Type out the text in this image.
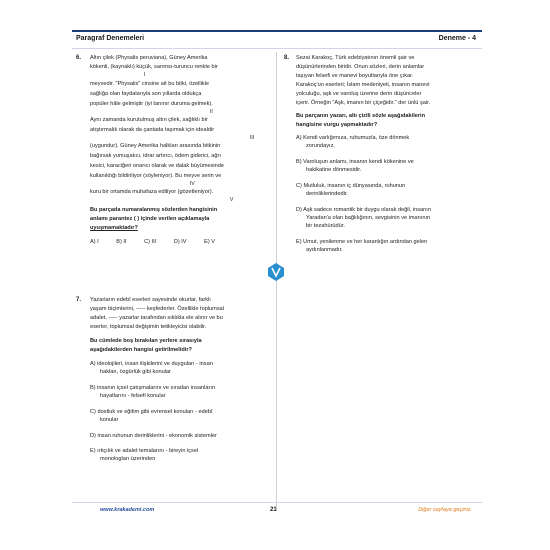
Paragraf Denemeleri	Deneme - 4
6. Altın çilek (Physalis peruviana), Güney Amerika
kökenli, (kaynaklı) küçük, sarımsı-turuncu renkte bir
meyvedir. "Physalis" cinsine ait bu bitki, özellikle
sağlığa olan faydalarıyla son yıllarda oldukça
popüler hâle gelmiştir (iyi tanınır duruma gelmek).
Aynı zamanda kurutulmuş altın çilek, sağlıklı bir
atıştırmalık olarak da çantada taşımak için idealdir
(uygundur). Güney Amerika halkları arasında bitkinin
bağırsak yumuşatıcı, idrar artırıcı, ödem giderici, ağrı
kesici, karaciğeri onarıcı olarak ve dalak büyümesinde
kullanıldığı bildiriliyor (söyleniyor). Bu meyve serin ve
kuru bir ortamda muhafaza ediliyor (gözetleniyor).
I
II
III
IV
V
Bu parçada numaralanmış sözlerden hangisinin
anlamı parantez ( ) içinde verilen açıklamayla
uyuşmamaktadır?
A) I	B) II	C) III	D) IV	E) V
7. Yazarların edebî eserleri sayesinde okurlar, farklı
yaşam biçimlerini, ----- keşfederler. Özellikle toplumsal
adalet, ----- yazarlar tarafından sıklıkla ele alınır ve bu
eserler, toplumsal değişimin tetikleyicisi olabilir.
Bu cümlede boş bırakılan yerlere sırasıyla
aşağıdakilerden hangisi getirilmelidir?
A) ideolojileri, insan ilişkilerini ve duyguları - insan
haklan, özgürlük gibi konular
B) insanın içsel çatışmalarını ve sıradan insanların
hayatlarını - felsefi konular
C) dostluk ve eğitim gibi evrensel konuları - edebî
konular
D) insan ruhunun derinliklerini - ekonomik sistemler
E) ırkçılık ve adalet temalarını - bireyin içsel
monologları üzerinden
8. Sezai Karakoç, Türk edebiyatının önemli şair ve
düşünürlerinden biridir. Onun sözleri, derin anlamlar
taşıyan felsefi ve manevi boyutlarıyla öne çıkar.
Karakoç'un eserleri; İslam medeniyeti, insanın manevi
yolculuğu, aşk ve varoluş üzerine derin düşünceler
içerir. Örneğin "Aşk, imanın bir çiçeğidir." der ünlü şair.
Bu parçanın yazarı, altı çizili sözle aşağıdakilerin
hangisine vurgu yapmaktadır?
A) Kendi varlığımıza, ruhumuzla, öze dönmek
zorundayız.
B) Varoluşun anlamı, insanın kendi kökenine ve
hakikatine dönmesidir.
C) Mutluluk, insanın iç dünyasında, ruhunun
derinliklerindedir.
D) Aşk sadece romantik bir duygu olarak değil, insanın
Yaradan'a olan bağlılığının, sevgisinin ve imanının
bir tezahürüdür.
E) Umut, yenilenme ve her karanlığın ardından gelen
aydınlanmadır.
www.krakademi.com	21	Diğer sayfaya geçiniz.
